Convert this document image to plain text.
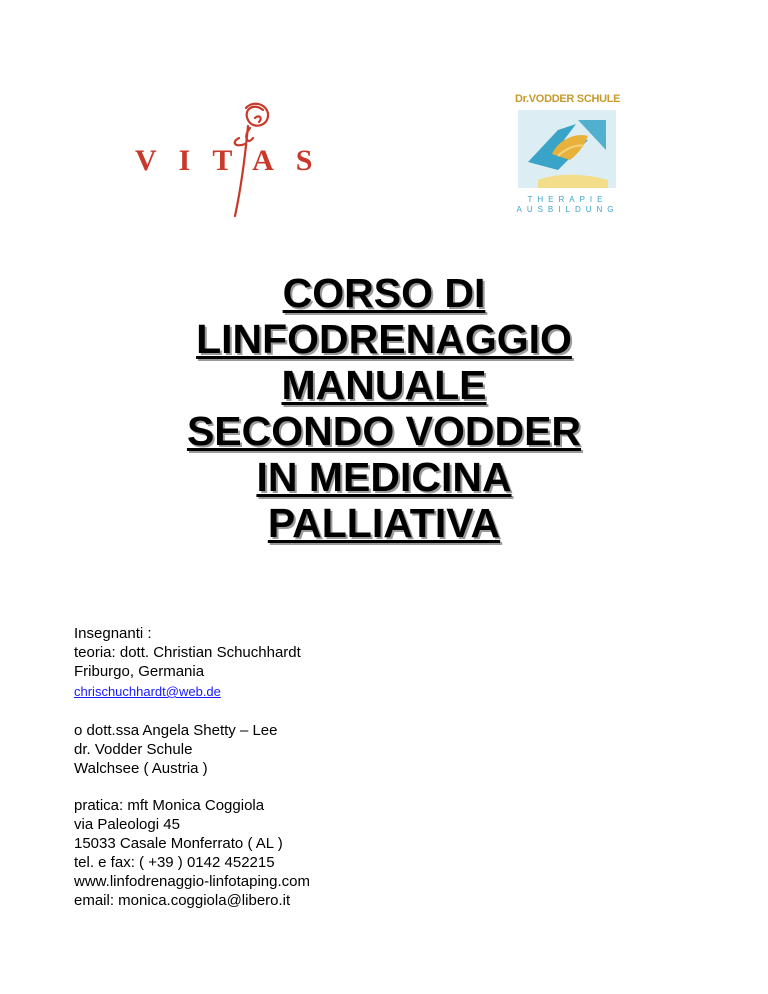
VITAS
Dr.VODDER SCHULE
THERAPIE
AUSBILDUNG
CORSO DI
LINFODRENAGGIO
MANUALE
SECONDO VODDER
IN MEDICINA
PALLIATIVA

Insegnanti :

teoria: dott. Christian Schuchhardt

Friburgo, Germania

chrischuchhardt@web.de

o dott.ssa Angela Shetty – Lee

dr. Vodder Schule

Walchsee ( Austria )

pratica: mft Monica Coggiola

via Paleologi 45

15033 Casale Monferrato ( AL )

tel. e fax: ( +39 ) 0142 452215

www.linfodrenaggio-linfotaping.com

email: monica.coggiola@libero.it
